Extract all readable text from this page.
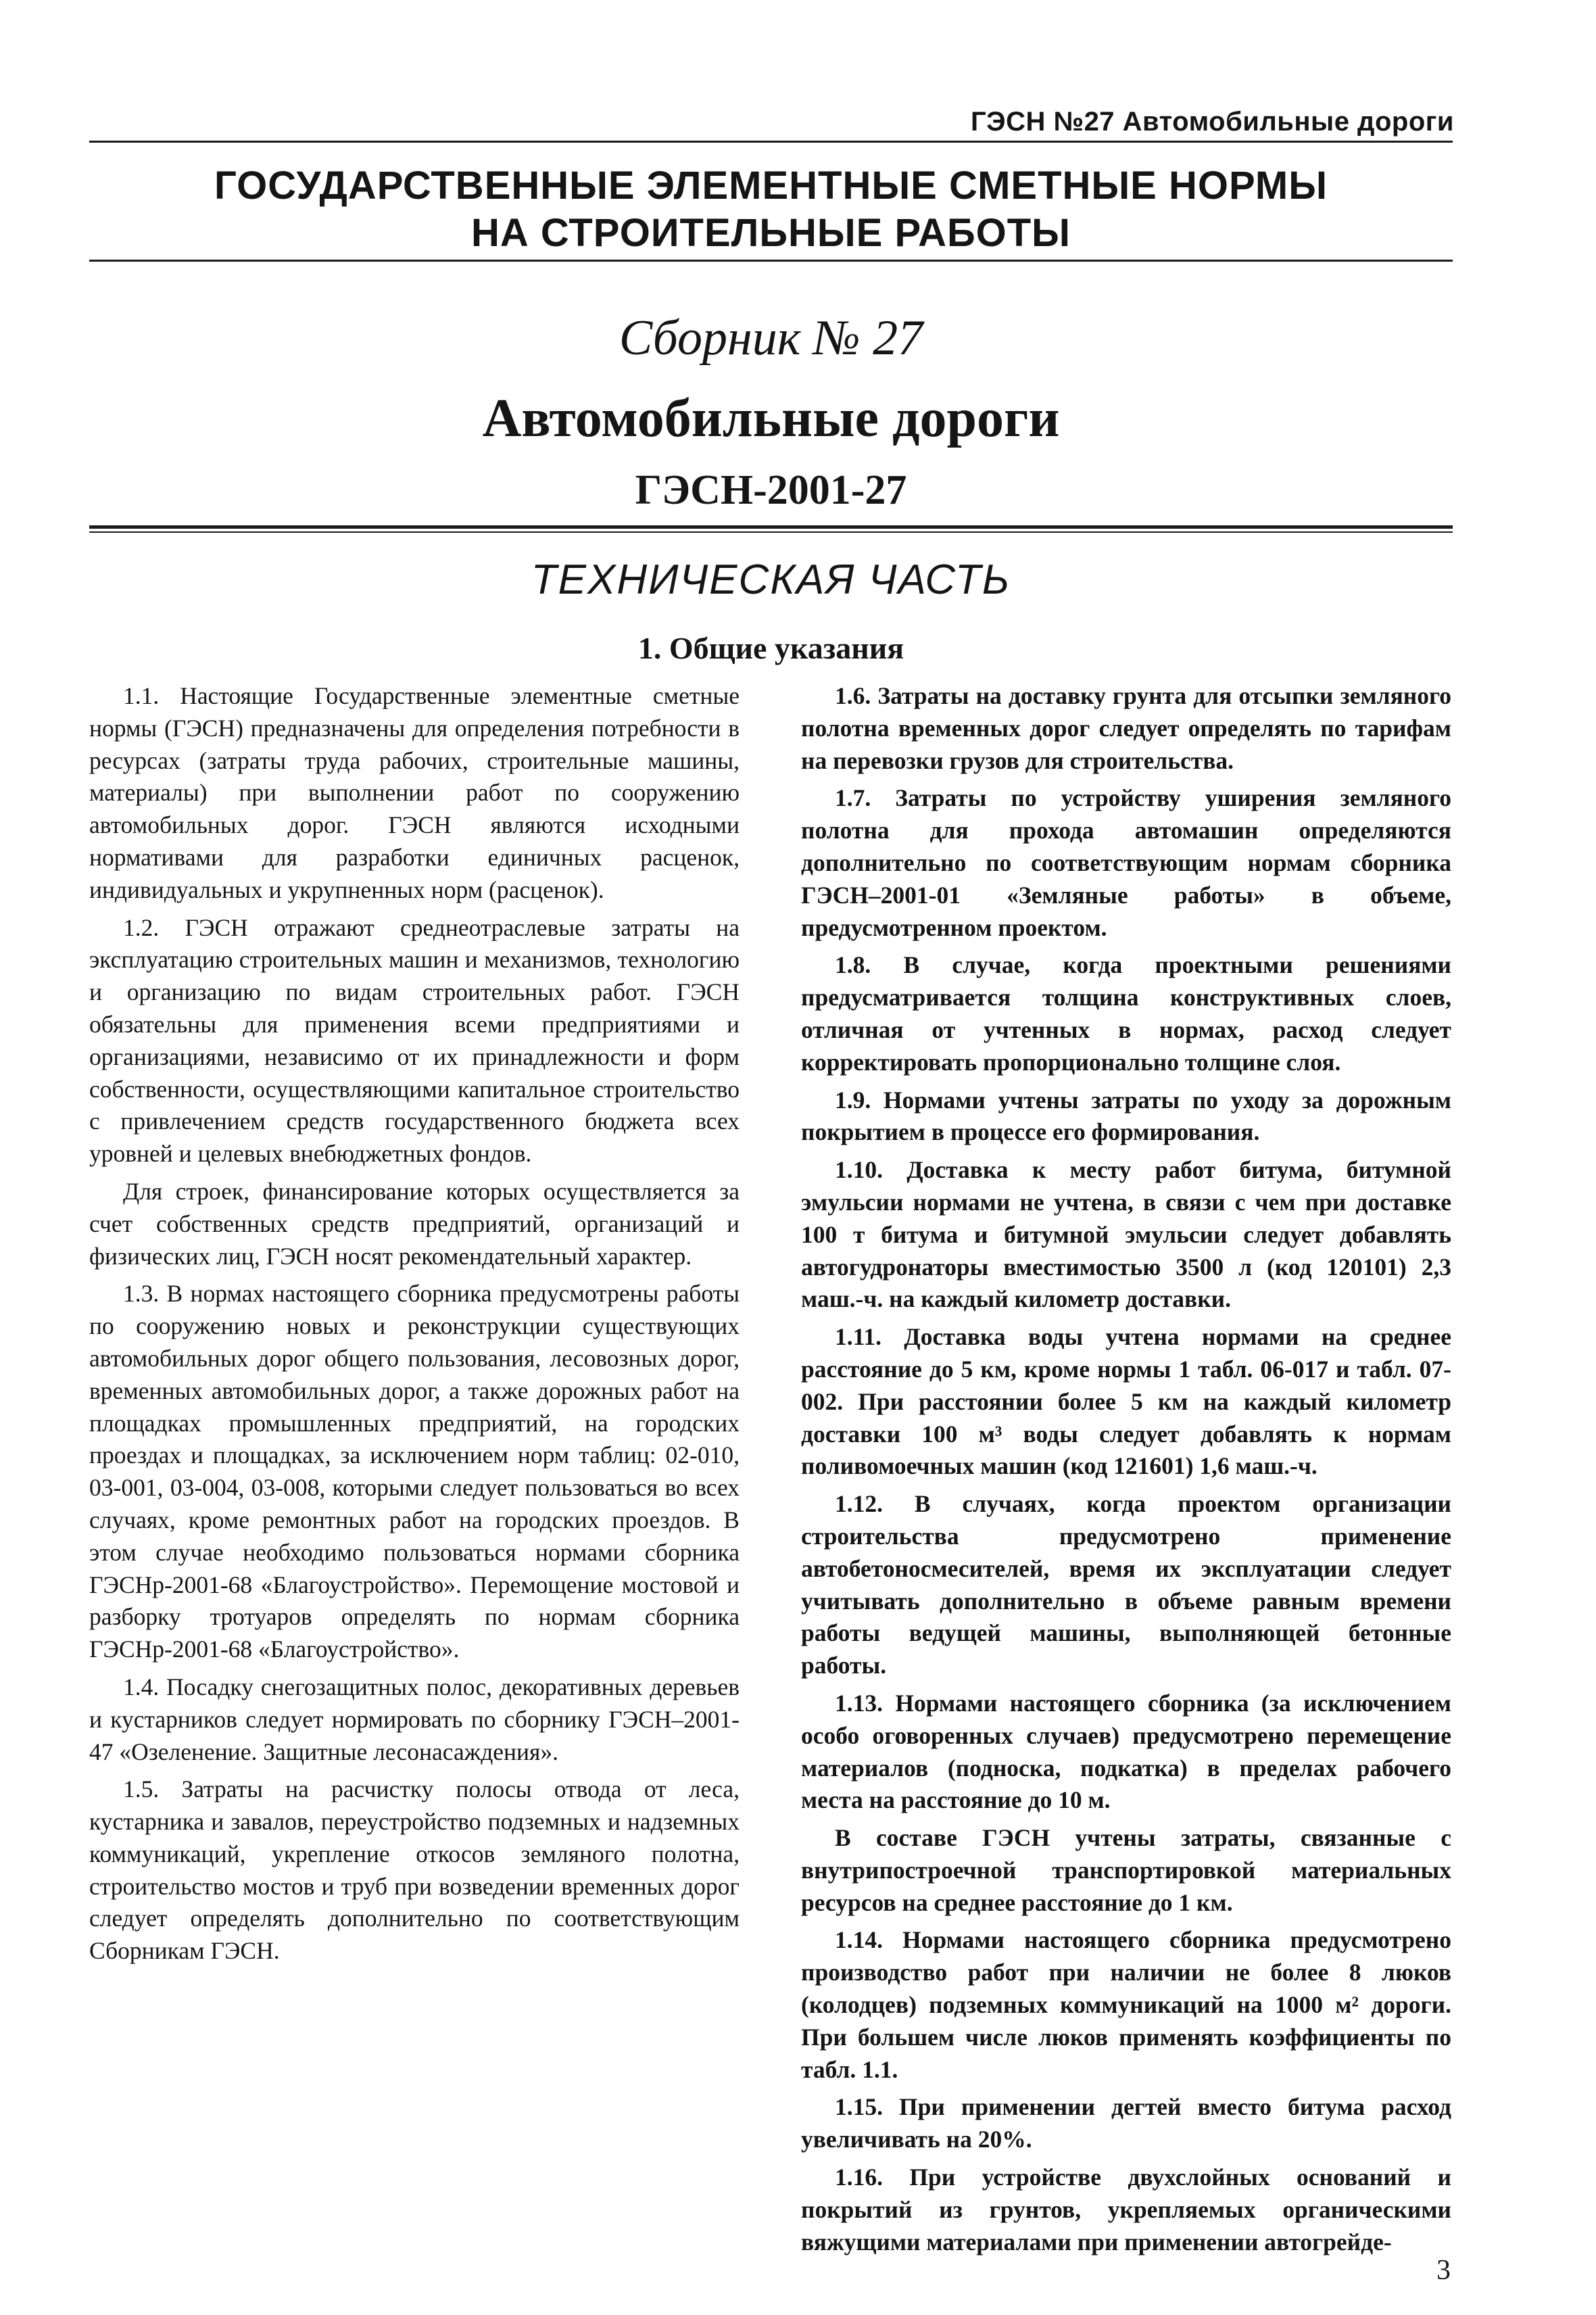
ГЭСН №27 Автомобильные дороги
ГОСУДАРСТВЕННЫЕ ЭЛЕМЕНТНЫЕ СМЕТНЫЕ НОРМЫ
НА СТРОИТЕЛЬНЫЕ РАБОТЫ
Сборник № 27
Автомобильные дороги
ГЭСН-2001-27
ТЕХНИЧЕСКАЯ ЧАСТЬ
1. Общие указания

1.1. Настоящие Государственные элементные сметные нормы (ГЭСН) предназначены для определения потребности в ресурсах (затраты труда рабочих, строительные машины, материалы) при выполнении работ по сооружению автомобильных дорог. ГЭСН являются исходными нормативами для разработки единичных расценок, индивидуальных и укрупненных норм (расценок).

1.2. ГЭСН отражают среднеотраслевые затраты на эксплуатацию строительных машин и механизмов, технологию и организацию по видам строительных работ. ГЭСН обязательны для применения всеми предприятиями и организациями, независимо от их принадлежности и форм собственности, осуществляющими капитальное строительство с привлечением средств государственного бюджета всех уровней и целевых внебюджетных фондов.

Для строек, финансирование которых осуществляется за счет собственных средств предприятий, организаций и физических лиц, ГЭСН носят рекомендательный характер.

1.3. В нормах настоящего сборника предусмотрены работы по сооружению новых и реконструкции существующих автомобильных дорог общего пользования, лесовозных дорог, временных автомобильных дорог, а также дорожных работ на площадках промышленных предприятий, на городских проездах и площадках, за исключением норм таблиц: 02-010, 03-001, 03-004, 03-008, которыми следует пользоваться во всех случаях, кроме ремонтных работ на городских проездов. В этом случае необходимо пользоваться нормами сборника ГЭСНр-2001-68 «Благоустройство». Перемощение мостовой и разборку тротуаров определять по нормам сборника ГЭСНр-2001-68 «Благоустройство».

1.4. Посадку снегозащитных полос, декоративных деревьев и кустарников следует нормировать по сборнику ГЭСН–2001-47 «Озеленение. Защитные лесонасаждения».

1.5. Затраты на расчистку полосы отвода от леса, кустарника и завалов, переустройство подземных и надземных коммуникаций, укрепление откосов земляного полотна, строительство мостов и труб при возведении временных дорог следует определять дополнительно по соответствующим Сборникам ГЭСН.

1.6. Затраты на доставку грунта для отсыпки земляного полотна временных дорог следует определять по тарифам на перевозки грузов для строительства.

1.7. Затраты по устройству уширения земляного полотна для прохода автомашин определяются дополнительно по соответствующим нормам сборника ГЭСН–2001-01 «Земляные работы» в объеме, предусмотренном проектом.

1.8. В случае, когда проектными решениями предусматривается толщина конструктивных слоев, отличная от учтенных в нормах, расход следует корректировать пропорционально толщине слоя.

1.9. Нормами учтены затраты по уходу за дорожным покрытием в процессе его формирования.

1.10. Доставка к месту работ битума, битумной эмульсии нормами не учтена, в связи с чем при доставке 100 т битума и битумной эмульсии следует добавлять автогудронаторы вместимостью 3500 л (код 120101) 2,3 маш.-ч. на каждый километр доставки.

1.11. Доставка воды учтена нормами на среднее расстояние до 5 км, кроме нормы 1 табл. 06-017 и табл. 07-002. При расстоянии более 5 км на каждый километр доставки 100 м³ воды следует добавлять к нормам поливомоечных машин (код 121601) 1,6 маш.-ч.

1.12. В случаях, когда проектом организации строительства предусмотрено применение автобетоносмесителей, время их эксплуатации следует учитывать дополнительно в объеме равным времени работы ведущей машины, выполняющей бетонные работы.

1.13. Нормами настоящего сборника (за исключением особо оговоренных случаев) предусмотрено перемещение материалов (подноска, подкатка) в пределах рабочего места на расстояние до 10 м.

В составе ГЭСН учтены затраты, связанные с внутрипостроечной транспортировкой материальных ресурсов на среднее расстояние до 1 км.

1.14. Нормами настоящего сборника предусмотрено производство работ при наличии не более 8 люков (колодцев) подземных коммуникаций на 1000 м² дороги. При большем числе люков применять коэффициенты по табл. 1.1.

1.15. При применении дегтей вместо битума расход увеличивать на 20%.

1.16. При устройстве двухслойных оснований и покрытий из грунтов, укрепляемых органическими вяжущими материалами при применении автогрейде-

3
